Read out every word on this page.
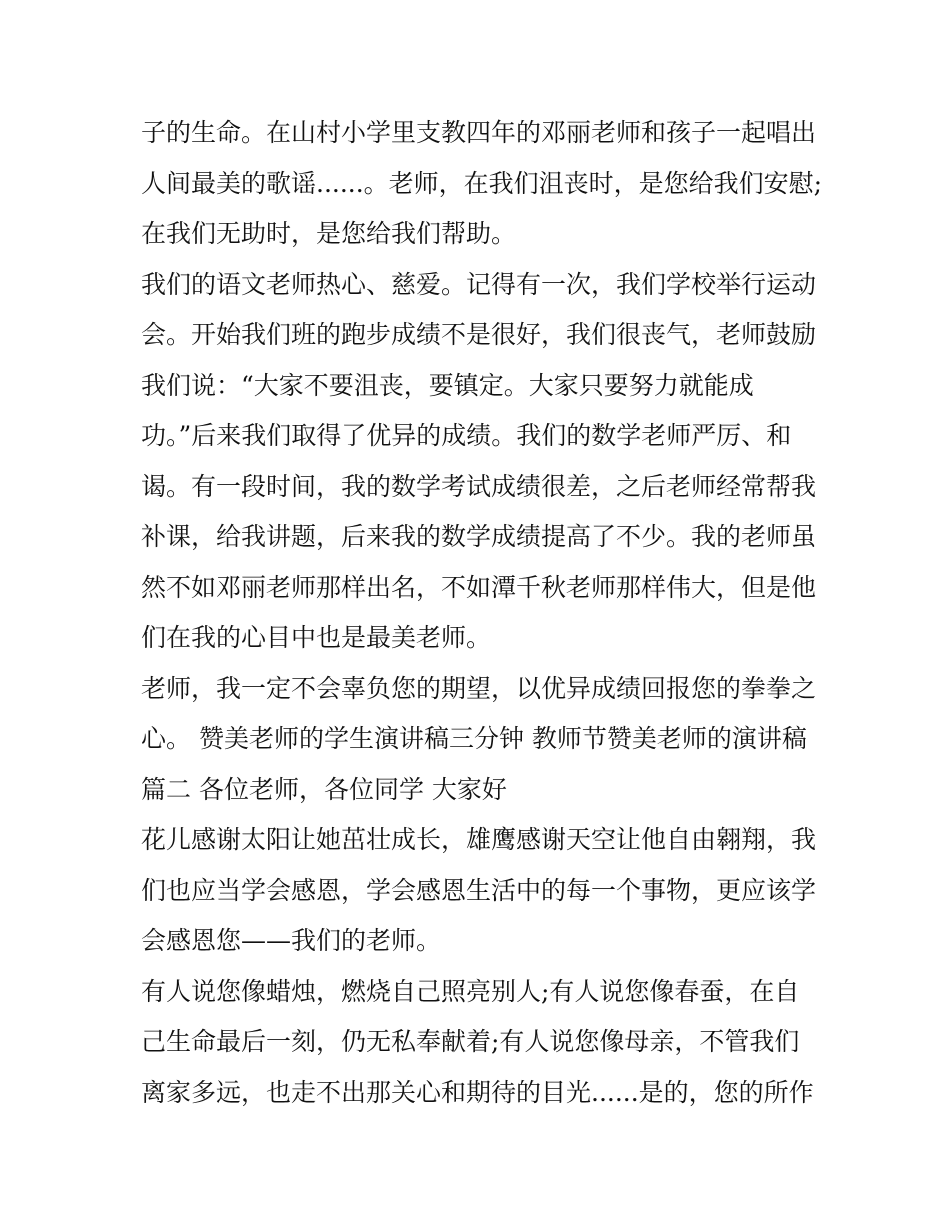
子的生命。在山村小学里支教四年的邓丽老师和孩子一起唱出
人间最美的歌谣......。老师，在我们沮丧时，是您给我们安慰;
在我们无助时，是您给我们帮助。
我们的语文老师热心、慈爱。记得有一次，我们学校举行运动
会。开始我们班的跑步成绩不是很好，我们很丧气，老师鼓励
我们说：“大家不要沮丧，要镇定。大家只要努力就能成
功。”后来我们取得了优异的成绩。我们的数学老师严厉、和
谒。有一段时间，我的数学考试成绩很差，之后老师经常帮我
补课，给我讲题，后来我的数学成绩提高了不少。我的老师虽
然不如邓丽老师那样出名，不如潭千秋老师那样伟大，但是他
们在我的心目中也是最美老师。
老师，我一定不会辜负您的期望，以优异成绩回报您的拳拳之
心。 赞美老师的学生演讲稿三分钟 教师节赞美老师的演讲稿
篇二 各位老师，各位同学 大家好
花儿感谢太阳让她茁壮成长，雄鹰感谢天空让他自由翱翔，我
们也应当学会感恩，学会感恩生活中的每一个事物，更应该学
会感恩您——我们的老师。
有人说您像蜡烛，燃烧自己照亮别人;有人说您像春蚕，在自
己生命最后一刻，仍无私奉献着;有人说您像母亲，不管我们
离家多远，也走不出那关心和期待的目光......是的，您的所作
